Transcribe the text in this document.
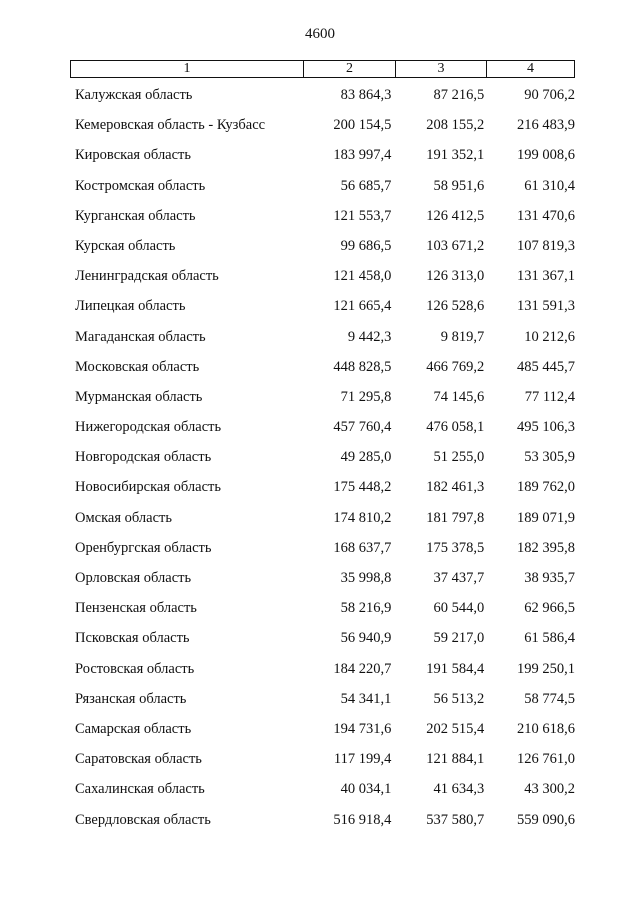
4600
1	2	3	4
Калужская область	83 864,3	87 216,5	90 706,2
Кемеровская область - Кузбасс	200 154,5	208 155,2	216 483,9
Кировская область	183 997,4	191 352,1	199 008,6
Костромская область	56 685,7	58 951,6	61 310,4
Курганская область	121 553,7	126 412,5	131 470,6
Курская область	99 686,5	103 671,2	107 819,3
Ленинградская область	121 458,0	126 313,0	131 367,1
Липецкая область	121 665,4	126 528,6	131 591,3
Магаданская область	9 442,3	9 819,7	10 212,6
Московская область	448 828,5	466 769,2	485 445,7
Мурманская область	71 295,8	74 145,6	77 112,4
Нижегородская область	457 760,4	476 058,1	495 106,3
Новгородская область	49 285,0	51 255,0	53 305,9
Новосибирская область	175 448,2	182 461,3	189 762,0
Омская область	174 810,2	181 797,8	189 071,9
Оренбургская область	168 637,7	175 378,5	182 395,8
Орловская область	35 998,8	37 437,7	38 935,7
Пензенская область	58 216,9	60 544,0	62 966,5
Псковская область	56 940,9	59 217,0	61 586,4
Ростовская область	184 220,7	191 584,4	199 250,1
Рязанская область	54 341,1	56 513,2	58 774,5
Самарская область	194 731,6	202 515,4	210 618,6
Саратовская область	117 199,4	121 884,1	126 761,0
Сахалинская область	40 034,1	41 634,3	43 300,2
Свердловская область	516 918,4	537 580,7	559 090,6
